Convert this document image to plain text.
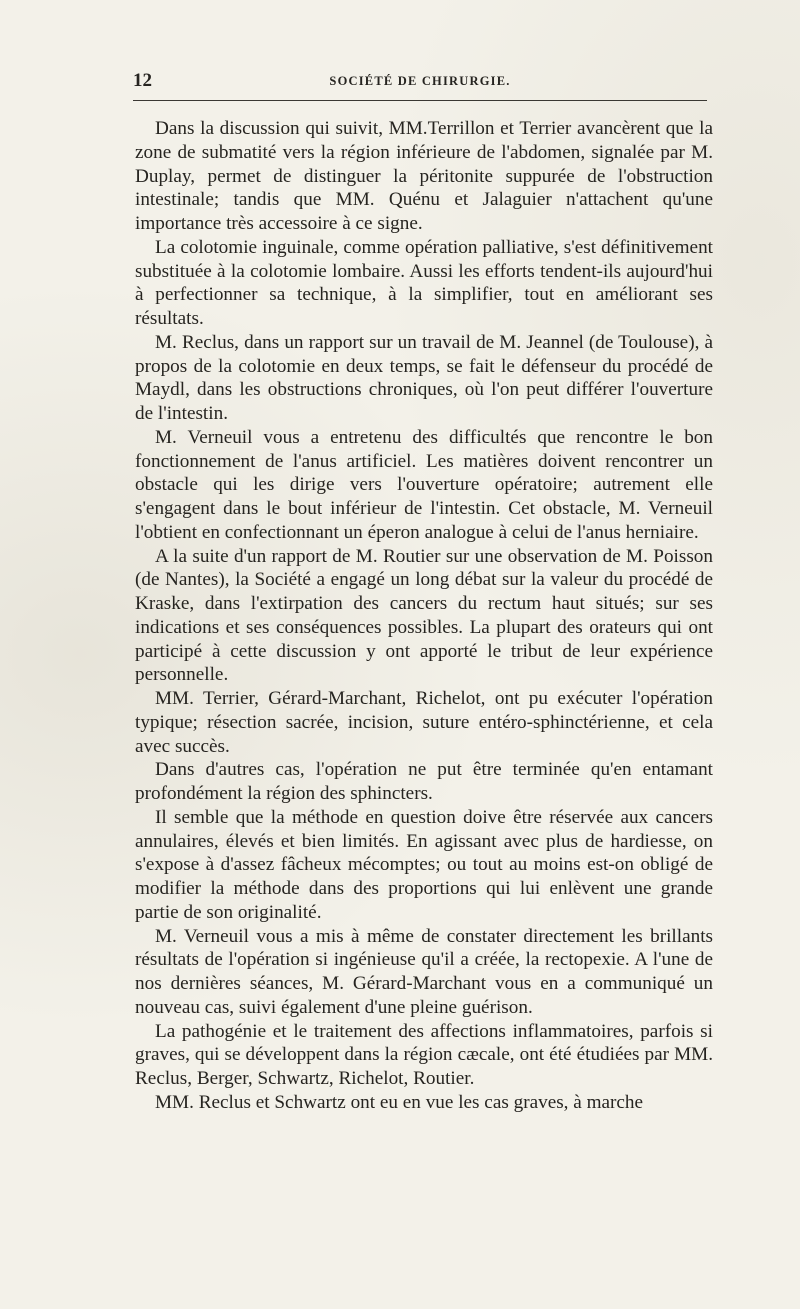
12	SOCIÉTÉ DE CHIRURGIE.

Dans la discussion qui suivit, MM.Terrillon et Terrier avancèrent que la zone de submatité vers la région inférieure de l'abdomen, signalée par M. Duplay, permet de distinguer la péritonite suppurée de l'obstruction intestinale; tandis que MM. Quénu et Jalaguier n'attachent qu'une importance très accessoire à ce signe.

La colotomie inguinale, comme opération palliative, s'est définitivement substituée à la colotomie lombaire. Aussi les efforts tendent-ils aujourd'hui à perfectionner sa technique, à la simplifier, tout en améliorant ses résultats.

M. Reclus, dans un rapport sur un travail de M. Jeannel (de Toulouse), à propos de la colotomie en deux temps, se fait le défenseur du procédé de Maydl, dans les obstructions chroniques, où l'on peut différer l'ouverture de l'intestin.

M. Verneuil vous a entretenu des difficultés que rencontre le bon fonctionnement de l'anus artificiel. Les matières doivent rencontrer un obstacle qui les dirige vers l'ouverture opératoire; autrement elle s'engagent dans le bout inférieur de l'intestin. Cet obstacle, M. Verneuil l'obtient en confectionnant un éperon analogue à celui de l'anus herniaire.

A la suite d'un rapport de M. Routier sur une observation de M. Poisson (de Nantes), la Société a engagé un long débat sur la valeur du procédé de Kraske, dans l'extirpation des cancers du rectum haut situés; sur ses indications et ses conséquences possibles. La plupart des orateurs qui ont participé à cette discussion y ont apporté le tribut de leur expérience personnelle.

MM. Terrier, Gérard-Marchant, Richelot, ont pu exécuter l'opération typique; résection sacrée, incision, suture entéro-sphinctérienne, et cela avec succès.

Dans d'autres cas, l'opération ne put être terminée qu'en entamant profondément la région des sphincters.

Il semble que la méthode en question doive être réservée aux cancers annulaires, élevés et bien limités. En agissant avec plus de hardiesse, on s'expose à d'assez fâcheux mécomptes; ou tout au moins est-on obligé de modifier la méthode dans des proportions qui lui enlèvent une grande partie de son originalité.

M. Verneuil vous a mis à même de constater directement les brillants résultats de l'opération si ingénieuse qu'il a créée, la rectopexie. A l'une de nos dernières séances, M. Gérard-Marchant vous en a communiqué un nouveau cas, suivi également d'une pleine guérison.

La pathogénie et le traitement des affections inflammatoires, parfois si graves, qui se développent dans la région cæcale, ont été étudiées par MM. Reclus, Berger, Schwartz, Richelot, Routier.

MM. Reclus et Schwartz ont eu en vue les cas graves, à marche
